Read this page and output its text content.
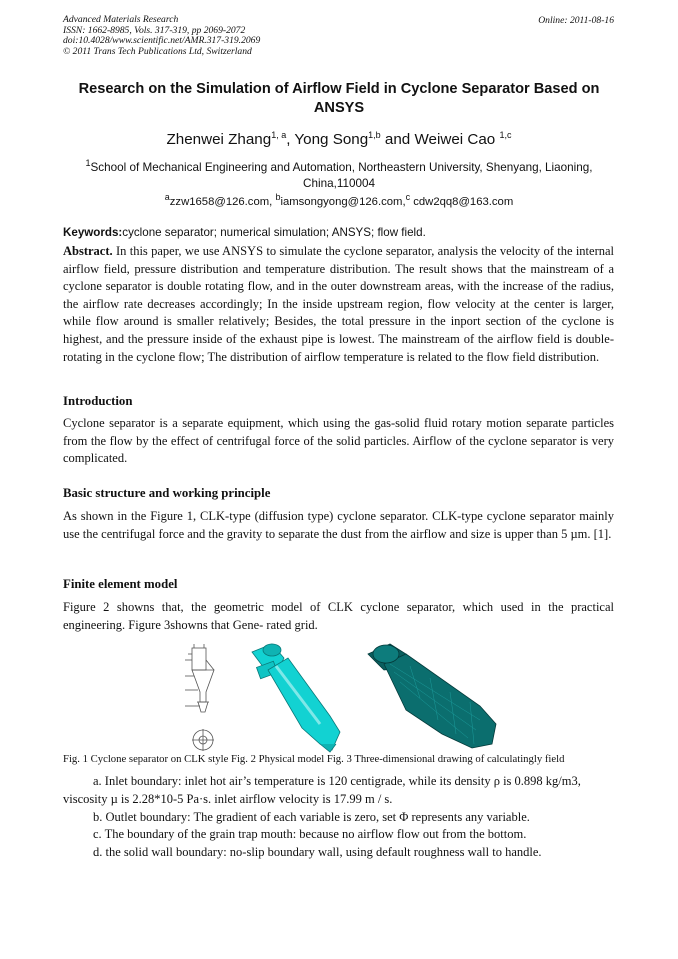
Advanced Materials Research
ISSN: 1662-8985, Vols. 317-319, pp 2069-2072
doi:10.4028/www.scientific.net/AMR.317-319.2069
© 2011 Trans Tech Publications Ltd, Switzerland
Online: 2011-08-16
Research on the Simulation of Airflow Field in Cyclone Separator Based on ANSYS
Zhenwei Zhang$^{1, a}$, Yong Song$^{1,b}$ and Weiwei Cao $^{1,c}$
$^1$School of Mechanical Engineering and Automation, Northeastern University, Shenyang, Liaoning, China,110004
$^a$zzw1658@126.com, $^b$iamsongyong@126.com,$^c$ cdw2qq8@163.com
Keywords:cyclone separator; numerical simulation; ANSYS; flow field.
Abstract. In this paper, we use ANSYS to simulate the cyclone separator, analysis the velocity of the internal airflow field, pressure distribution and temperature distribution. The result shows that the mainstream of a cyclone separator is double rotating flow, and in the outer downstream areas, with the increase of the radius, the airflow rate decreases accordingly; In the inside upstream region, flow velocity at the center is larger, while flow around is smaller relatively; Besides, the total pressure in the inport section of the cyclone is highest, and the pressure inside of the exhaust pipe is lowest. The mainstream of the airflow field is double-rotating in the cyclone flow; The distribution of airflow temperature is related to the flow field distribution.
Introduction
Cyclone separator is a separate equipment, which using the gas-solid fluid rotary motion separate particles from the flow by the effect of centrifugal force of the solid particles. Airflow of the cyclone separator is very complicated.
Basic structure and working principle
As shown in the Figure 1, CLK-type (diffusion type) cyclone separator. CLK-type cyclone separator mainly use the centrifugal force and the gravity to separate the dust from the airflow and size is upper than 5 µm. [1].
Finite element model
Figure 2 showns that, the geometric model of CLK cyclone separator, which used in the practical engineering. Figure 3showns that Gene- rated grid.
Fig. 1 Cyclone separator on CLK style Fig. 2 Physical model Fig. 3 Three-dimensional drawing of calculatingly field
a. Inlet boundary: inlet hot air’s temperature is 120 centigrade, while its density ρ is 0.898 kg/m3,
viscosity µ is 2.28*10-5 Pa·s. inlet airflow velocity is 17.99 m / s.
b. Outlet boundary: The gradient of each variable is zero, set Φ represents any variable.
c. The boundary of the grain trap mouth: because no airflow flow out from the bottom.
d. the solid wall boundary: no-slip boundary wall, using default roughness wall to handle.
